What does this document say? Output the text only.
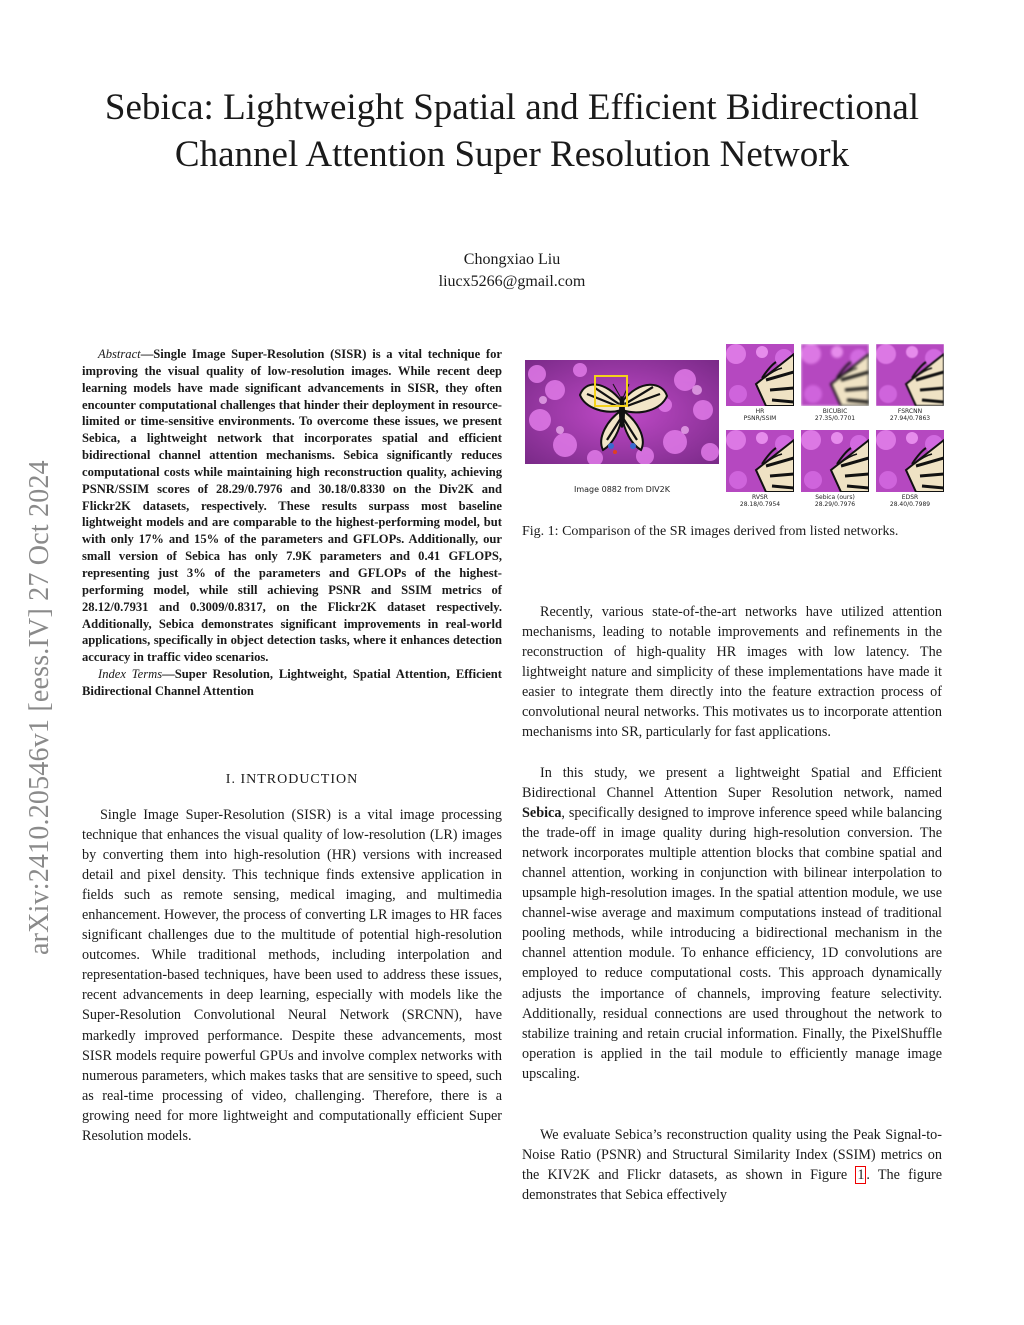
arXiv:2410.20546v1 [eess.IV] 27 Oct 2024
Sebica: Lightweight Spatial and Efficient Bidirectional Channel Attention Super Resolution Network
Chongxiao Liu
liucx5266@gmail.com

Abstract—Single Image Super-Resolution (SISR) is a vital technique for improving the visual quality of low-resolution images. While recent deep learning models have made significant advancements in SISR, they often encounter computational challenges that hinder their deployment in resource-limited or time-sensitive environments. To overcome these issues, we present Sebica, a lightweight network that incorporates spatial and efficient bidirectional channel attention mechanisms. Sebica significantly reduces computational costs while maintaining high reconstruction quality, achieving PSNR/SSIM scores of 28.29/0.7976 and 30.18/0.8330 on the Div2K and Flickr2K datasets, respectively. These results surpass most baseline lightweight models and are comparable to the highest-performing model, but with only 17% and 15% of the parameters and GFLOPs. Additionally, our small version of Sebica has only 7.9K parameters and 0.41 GFLOPS, representing just 3% of the parameters and GFLOPs of the highest-performing model, while still achieving PSNR and SSIM metrics of 28.12/0.7931 and 0.3009/0.8317, on the Flickr2K dataset respectively. Additionally, Sebica demonstrates significant improvements in real-world applications, specifically in object detection tasks, where it enhances detection accuracy in traffic video scenarios.

Index Terms—Super Resolution, Lightweight, Spatial Attention, Efficient Bidirectional Channel Attention

I. INTRODUCTION

Single Image Super-Resolution (SISR) is a vital image processing technique that enhances the visual quality of low-resolution (LR) images by converting them into high-resolution (HR) versions with increased detail and pixel density. This technique finds extensive application in fields such as remote sensing, medical imaging, and multimedia enhancement. However, the process of converting LR images to HR faces significant challenges due to the multitude of potential high-resolution outcomes. While traditional methods, including interpolation and representation-based techniques, have been used to address these issues, recent advancements in deep learning, especially with models like the Super-Resolution Convolutional Neural Network (SRCNN), have markedly improved performance. Despite these advancements, most SISR models require powerful GPUs and involve complex networks with numerous parameters, which makes tasks that are sensitive to speed, such as real-time processing of video, challenging. Therefore, there is a growing need for more lightweight and computationally efficient Super Resolution models.

Image 0882 from DIV2K
HR
PSNR/SSIM
BICUBIC
27.35/0.7701
FSRCNN
27.94/0.7863
RVSR
28.18/0.7954
Sebica (ours)
28.29/0.7976
EDSR
28.40/0.7989
Fig. 1: Comparison of the SR images derived from listed networks.

Recently, various state-of-the-art networks have utilized attention mechanisms, leading to notable improvements and refinements in the reconstruction of high-quality HR images with low latency. The lightweight nature and simplicity of these implementations have made it easier to integrate them directly into the feature extraction process of convolutional neural networks. This motivates us to incorporate attention mechanisms into SR, particularly for fast applications.

In this study, we present a lightweight Spatial and Efficient Bidirectional Channel Attention Super Resolution network, named Sebica, specifically designed to improve inference speed while balancing the trade-off in image quality during high-resolution conversion. The network incorporates multiple attention blocks that combine spatial and channel attention, working in conjunction with bilinear interpolation to upsample high-resolution images. In the spatial attention module, we use channel-wise average and maximum computations instead of traditional pooling methods, while introducing a bidirectional mechanism in the channel attention module. To enhance efficiency, 1D convolutions are employed to reduce computational costs. This approach dynamically adjusts the importance of channels, improving feature selectivity. Additionally, residual connections are used throughout the network to stabilize training and retain crucial information. Finally, the PixelShuffle operation is applied in the tail module to efficiently manage image upscaling.

We evaluate Sebica’s reconstruction quality using the Peak Signal-to-Noise Ratio (PSNR) and Structural Similarity Index (SSIM) metrics on the KIV2K and Flickr datasets, as shown in Figure 1 . The figure demonstrates that Sebica effectively
